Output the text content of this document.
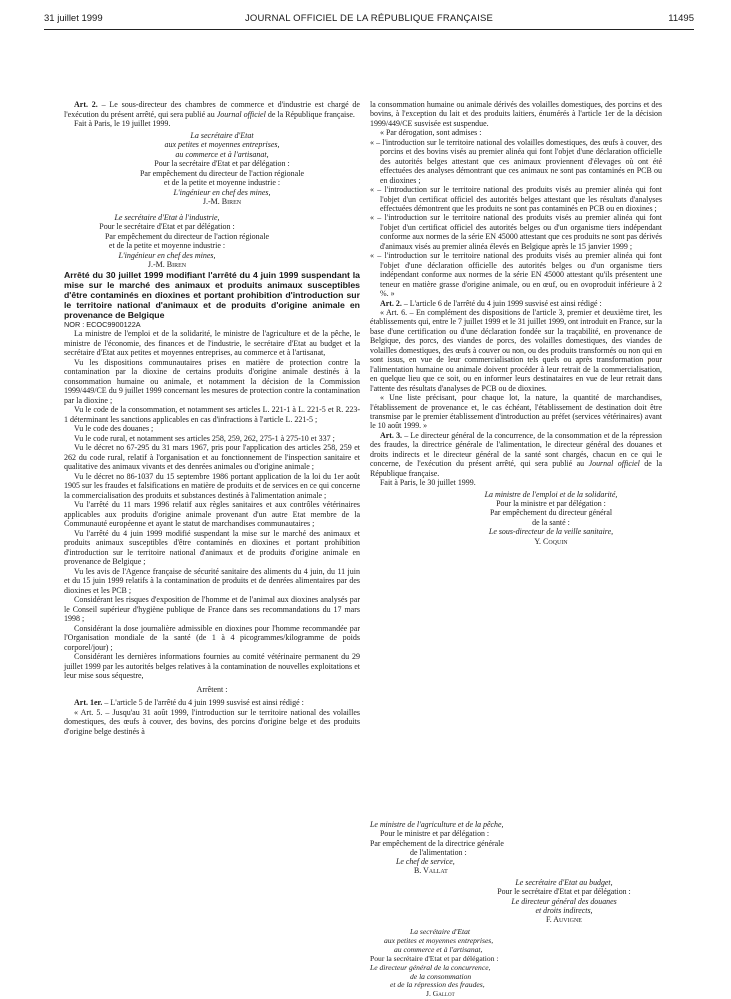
31 juillet 1999	JOURNAL OFFICIEL DE LA RÉPUBLIQUE FRANÇAISE	11495

Art. 2. – Le sous-directeur des chambres de commerce et d'industrie est chargé de l'exécution du présent arrêté, qui sera publié au Journal officiel de la République française.

Fait à Paris, le 19 juillet 1999.

La secrétaire d'Etat

aux petites et moyennes entreprises,

au commerce et à l'artisanat,

Pour la secrétaire d'Etat et par délégation :

Par empêchement du directeur de l'action régionale

et de la petite et moyenne industrie :

L'ingénieur en chef des mines,

J.-M. Biren

Le secrétaire d'Etat à l'industrie,

Pour le secrétaire d'Etat et par délégation :

Par empêchement du directeur de l'action régionale

et de la petite et moyenne industrie :

L'ingénieur en chef des mines,

J.-M. Biren

Arrêté du 30 juillet 1999 modifiant l'arrêté du 4 juin 1999 suspendant la mise sur le marché des animaux et produits animaux susceptibles d'être contaminés en dioxines et portant prohibition d'introduction sur le territoire national d'animaux et de produits d'origine animale en provenance de Belgique

NOR : ECOC9900122A

La ministre de l'emploi et de la solidarité, le ministre de l'agriculture et de la pêche, le ministre de l'économie, des finances et de l'industrie, le secrétaire d'Etat au budget et la secrétaire d'Etat aux petites et moyennes entreprises, au commerce et à l'artisanat,

Vu les dispositions communautaires prises en matière de protection contre la contamination par la dioxine de certains produits d'origine animale destinés à la consommation humaine ou animale, et notamment la décision de la Commission 1999/449/CE du 9 juillet 1999 concernant les mesures de protection contre la contamination par la dioxine ;

Vu le code de la consommation, et notamment ses articles L. 221-1 à L. 221-5 et R. 223-1 déterminant les sanctions applicables en cas d'infractions à l'article L. 221-5 ;

Vu le code des douanes ;

Vu le code rural, et notamment ses articles 258, 259, 262, 275-1 à 275-10 et 337 ;

Vu le décret no 67-295 du 31 mars 1967, pris pour l'application des articles 258, 259 et 262 du code rural, relatif à l'organisation et au fonctionnement de l'inspection sanitaire et qualitative des animaux vivants et des denrées animales ou d'origine animale ;

Vu le décret no 86-1037 du 15 septembre 1986 portant application de la loi du 1er août 1905 sur les fraudes et falsifications en matière de produits et de services en ce qui concerne la commercialisation des produits et substances destinés à l'alimentation animale ;

Vu l'arrêté du 11 mars 1996 relatif aux règles sanitaires et aux contrôles vétérinaires applicables aux produits d'origine animale provenant d'un autre Etat membre de la Communauté européenne et ayant le statut de marchandises communautaires ;

Vu l'arrêté du 4 juin 1999 modifié suspendant la mise sur le marché des animaux et produits animaux susceptibles d'être contaminés en dioxines et portant prohibition d'introduction sur le territoire national d'animaux et de produits d'origine animale en provenance de Belgique ;

Vu les avis de l'Agence française de sécurité sanitaire des aliments du 4 juin, du 11 juin et du 15 juin 1999 relatifs à la contamination de produits et de denrées alimentaires par des dioxines et les PCB ;

Considérant les risques d'exposition de l'homme et de l'animal aux dioxines analysés par le Conseil supérieur d'hygiène publique de France dans ses recommandations du 17 mars 1998 ;

Considérant la dose journalière admissible en dioxines pour l'homme recommandée par l'Organisation mondiale de la santé (de 1 à 4 picogrammes/kilogramme de poids corporel/jour) ;

Considérant les dernières informations fournies au comité vétérinaire permanent du 29 juillet 1999 par les autorités belges relatives à la contamination de nouvelles exploitations et leur mise sous séquestre,

Arrêtent :

Art. 1er. – L'article 5 de l'arrêté du 4 juin 1999 susvisé est ainsi rédigé :

« Art. 5. – Jusqu'au 31 août 1999, l'introduction sur le territoire national des volailles domestiques, des œufs à couver, des bovins, des porcins d'origine belge et des produits d'origine belge destinés à

la consommation humaine ou animale dérivés des volailles domestiques, des porcins et des bovins, à l'exception du lait et des produits laitiers, énumérés à l'article 1er de la décision 1999/449/CE susvisée est suspendue.

« Par dérogation, sont admises :

« – l'introduction sur le territoire national des volailles domestiques, des œufs à couver, des porcins et des bovins visés au premier alinéa qui font l'objet d'une déclaration officielle des autorités belges attestant que ces animaux proviennent d'élevages où ont été effectuées des analyses démontrant que ces animaux ne sont pas contaminés en PCB ou en dioxines ;

« – l'introduction sur le territoire national des produits visés au premier alinéa qui font l'objet d'un certificat officiel des autorités belges attestant que les résultats d'analyses effectuées démontrent que les produits ne sont pas contaminés en PCB ou en dioxines ;

« – l'introduction sur le territoire national des produits visés au premier alinéa qui font l'objet d'un certificat officiel des autorités belges ou d'un organisme tiers indépendant conforme aux normes de la série EN 45000 attestant que ces produits ne sont pas dérivés d'animaux visés au premier alinéa élevés en Belgique après le 15 janvier 1999 ;

« – l'introduction sur le territoire national des produits visés au premier alinéa qui font l'objet d'une déclaration officielle des autorités belges ou d'un organisme tiers indépendant conforme aux normes de la série EN 45000 attestant qu'ils présentent une teneur en matière grasse d'origine animale, ou en œuf, ou en ovoproduit inférieure à 2 %. »

Art. 2. – L'article 6 de l'arrêté du 4 juin 1999 susvisé est ainsi rédigé :

« Art. 6. – En complément des dispositions de l'article 3, premier et deuxième tiret, les établissements qui, entre le 7 juillet 1999 et le 31 juillet 1999, ont introduit en France, sur la base d'une certification ou d'une déclaration fondée sur la traçabilité, en provenance de Belgique, des porcs, des viandes de porcs, des volailles domestiques, des viandes de volailles domestiques, des œufs à couver ou non, ou des produits transformés ou non qui en sont issus, en vue de leur commercialisation tels quels ou après transformation pour l'alimentation humaine ou animale doivent procéder à leur retrait de la commercialisation, en quelque lieu que ce soit, ou en informer leurs destinataires en vue de leur retrait dans l'attente des résultats d'analyses de PCB ou de dioxines.

« Une liste précisant, pour chaque lot, la nature, la quantité de marchandises, l'établissement de provenance et, le cas échéant, l'établissement de destination doit être transmise par le premier établissement d'introduction au préfet (services vétérinaires) avant le 10 août 1999. »

Art. 3. – Le directeur général de la concurrence, de la consommation et de la répression des fraudes, la directrice générale de l'alimentation, le directeur général des douanes et droits indirects et le directeur général de la santé sont chargés, chacun en ce qui le concerne, de l'exécution du présent arrêté, qui sera publié au Journal officiel de la République française.

Fait à Paris, le 30 juillet 1999.

La ministre de l'emploi et de la solidarité,

Pour la ministre et par délégation :

Par empêchement du directeur général

de la santé :

Le sous-directeur de la veille sanitaire,

Y. Coquin

Le ministre de l'agriculture et de la pêche,
Pour le ministre et par délégation :
Par empêchement de la directrice générale
de l'alimentation :
Le chef de service,
B. Vallat
Le secrétaire d'Etat au budget,
Pour le secrétaire d'Etat et par délégation :
Le directeur général des douanes
et droits indirects,
F. Auvigne
La secrétaire d'Etat
aux petites et moyennes entreprises,
au commerce et à l'artisanat,
Pour la secrétaire d'Etat et par délégation :
Le directeur général de la concurrence,
de la consommation
et de la répression des fraudes,
J. Gallot
